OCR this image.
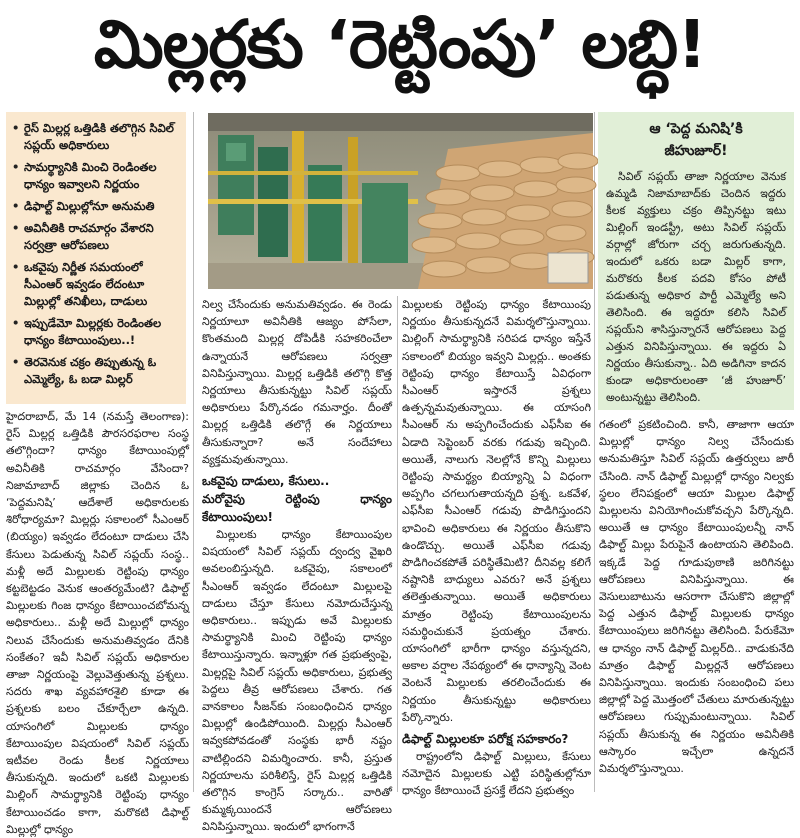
మిల్లర్లకు ‘రెట్టింపు’ లబ్ధి!
• రైస్ మిల్లర్ల ఒత్తిడికి తలొగ్గిన సివిల్ సప్లయ్ అధికారులు
• సామర్థ్యానికి మించి రెండింతల ధాన్యం ఇవ్వాలని నిర్ణయం
• డిఫాల్ట్ మిల్లుల్లోనూ అనుమతి
• అవినీతికి రాచమార్గం వేశారని సర్వత్రా ఆరోపణలు
• ఒకవైపు నిర్ణీత సమయంలో సీఎంఆర్ ఇవ్వడం లేదంటూ మిల్లుల్లో తనిఖీలు, దాడులు
• ఇప్పుడేమో మిల్లర్లకు రెండింతల ధాన్యం కేటాయింపులు..!
• తెరవెనుక చక్రం తిప్పుతున్న ఓ ఎమ్మెల్యే, ఓ బడా మిల్లర్

హైదరాబాద్, మే 14 (నమస్తే తెలంగాణ): రైస్ మిల్లర్ల ఒత్తిడికి పౌరసరఫరాల సంస్థ తలొగ్గిందా? ధాన్యం కేటాయింపుల్లో అవినీతికి రాచమార్గం వేసిందా? నిజామాబాద్ జిల్లాకు చెందిన ఓ ‘పెద్దమనిషి’ ఆదేశాలే అధికారులకు శిరోధార్యమా? మిల్లర్లు సకాలంలో సీఎంఆర్ (బియ్యం) ఇవ్వడం లేదంటూ దాడులు చేసి కేసులు పెడుతున్న సివిల్ సప్లయ్ సంస్థ.. మళ్లీ అదే మిల్లులకు రెట్టింపు ధాన్యం కట్టబెట్టడం వెనుక ఆంతర్యమేంటి? డిఫాల్ట్ మిల్లులకు గింజ ధాన్యం కేటాయించబోమన్న అధికారులు.. మళ్లీ అదే మిల్లుల్లో ధాన్యం నిలువ చేసేందుకు అనుమతివ్వడం దేనికి సంకేతం? ఇవీ సివిల్ సప్లయ్ అధికారుల తాజా నిర్ణయంపై వెల్లువెత్తుతున్న ప్రశ్నలు. సదరు శాఖ వ్యవహారశైలి కూడా ఈ ప్రశ్నలకు బలం చేకూర్చేలా ఉన్నది. యాసంగిలో మిల్లులకు ధాన్యం కేటాయింపుల విషయంలో సివిల్ సప్లయ్ ఇటీవల రెండు కీలక నిర్ణయాలు తీసుకున్నది. ఇందులో ఒకటి మిల్లులకు మిల్లింగ్ సామర్థ్యానికి రెట్టింపు ధాన్యం కేటాయించడం కాగా, మరొకటి డిఫాల్ట్ మిల్లుల్లో ధాన్యం

నిల్వ చేసేందుకు అనుమతివ్వడం. ఈ రెండు నిర్ణయాలూ అవినీతికి ఆజ్యం పోసేలా, కొంతమంది మిల్లర్ల దోపిడీకి సహకరించేలా ఉన్నాయనే ఆరోపణలు సర్వత్రా వినిపిస్తున్నాయి. మిల్లర్ల ఒత్తిడికి తలొగ్గి కొత్త నిర్ణయాలు తీసుకున్నట్టు సివిల్ సప్లయ్ అధికారులు పేర్కొనడం గమనార్హం. దీంతో మిల్లర్ల ఒత్తిడికి తలొగ్గే ఈ నిర్ణయాలు తీసుకున్నారా? అనే సందేహాలు వ్యక్తమవుతున్నాయి.

ఒకవైపు దాడులు, కేసులు..
మరోవైపు రెట్టింపు ధాన్యం కేటాయింపులు!

మిల్లులకు ధాన్యం కేటాయింపుల విషయంలో సివిల్ సప్లయ్ ద్వంద్వ వైఖరి అవలంబిస్తున్నది. ఒకవైపు, సకాలంలో సీఎంఆర్ ఇవ్వడం లేదంటూ మిల్లులపై దాడులు చేస్తూ కేసులు నమోదుచేస్తున్న అధికారులు.. ఇప్పుడు అవే మిల్లులకు సామర్థ్యానికి మించి రెట్టింపు ధాన్యం కేటాయిస్తున్నారు. ఇన్నాళ్లూ గత ప్రభుత్వంపై, మిల్లర్లపై సివిల్ సప్లయ్ అధికారులు, ప్రభుత్వ పెద్దలు తీవ్ర ఆరోపణలు చేశారు. గత వానకాలం సీజన్‌కు సంబంధించిన ధాన్యం మిల్లుల్లో ఉండిపోయింది. మిల్లర్లు సీఎంఆర్ ఇవ్వకపోవడంతో సంస్థకు భారీ నష్టం వాటిల్లిందని విమర్శించారు. కానీ, ప్రస్తుత నిర్ణయాలను పరిశీలిస్తే, రైస్ మిల్లర్ల ఒత్తిడికి తలొగ్గిన కాంగ్రెస్ సర్కారు.. వారితో కుమ్మక్కయిందనే ఆరోపణలు వినిపిస్తున్నాయి. ఇందులో భాగంగానే

మిల్లులకు రెట్టింపు ధాన్యం కేటాయింపు నిర్ణయం తీసుకున్నదనే విమర్శలొస్తున్నాయి. మిల్లింగ్ సామర్థ్యానికి సరిపడ ధాన్యం ఇస్తేనే సకాలంలో బియ్యం ఇవ్వని మిల్లర్లు.. అంతకు రెట్టింపు ధాన్యం కేటాయిస్తే ఏవిధంగా సీఎంఆర్ ఇస్తారనే ప్రశ్నలు ఉత్పన్నమవుతున్నాయి. ఈ యాసంగి సీఎంఆర్ ను అప్పగించేందుకు ఎఫ్‌సీఐ ఈ ఏడాది సెప్టెంబర్ వరకు గడువు ఇచ్చింది. అయితే, నాలుగు నెలల్లోనే కొన్ని మిల్లులు రెట్టింపు సామర్థ్యం బియ్యాన్ని ఏ విధంగా అప్పగిం చగలుగుతాయన్నది ప్రశ్న. ఒకవేళ, ఎఫ్‌సీఐ సీఎంఆర్ గడువు పొడిగిస్తుందని భావించి అధికారులు ఈ నిర్ణయం తీసుకొని ఉండొచ్చు. అయితే ఎఫ్‌సీఐ గడువు పొడిగించకపోతే పరిస్థితేమిటి? దీనివల్ల కలిగే నష్టానికి బాధ్యులు ఎవరు? అనే ప్రశ్నలు తలెత్తుతున్నాయి. అయితే అధికారులు మాత్రం రెట్టింపు కేటాయింపులను సమర్థించుకునే ప్రయత్నం చేశారు. యాసంగిలో భారీగా ధాన్యం వస్తున్నదని, అకాల వర్షాల నేపథ్యంలో ఈ ధాన్యాన్ని వెంట వెంటనే మిల్లులకు తరలించేందుకు ఈ నిర్ణయం తీసుకున్నట్టు అధికారులు పేర్కొన్నారు.

డిఫాల్ట్ మిల్లులకూ పరోక్ష సహకారం?

రాష్ట్రంలోని డిఫాల్ట్ మిల్లులు, కేసులు నమోదైన మిల్లులకు ఎట్టి పరిస్థితుల్లోనూ ధాన్యం కేటాయించే ప్రసక్తే లేదని ప్రభుత్వం

ఆ ‘పెద్ద మనిషి’కి
జీహుజూర్!
సివిల్ సప్లయ్ తాజా నిర్ణయాల వెనుక ఉమ్మడి నిజామాబాద్‌కు చెందిన ఇద్దరు కీలక వ్యక్తులు చక్రం తిప్పినట్టు ఇటు మిల్లింగ్ ఇండస్ట్రీ, అటు సివిల్ సప్లయ్ వర్గాల్లో జోరుగా చర్చ జరుగుతున్నది. ఇందులో ఒకరు బడా మిల్లర్ కాగా, మరొకరు కీలక పదవి కోసం పోటీ పడుతున్న అధికార పార్టీ ఎమ్మెల్యే అని తెలిసింది. ఈ ఇద్దరూ కలిసి సివిల్ సప్లయ్‌ని శాసిస్తున్నారనే ఆరోపణలు పెద్ద ఎత్తున వినిపిస్తున్నాయి. ఈ ఇద్దరు ఏ నిర్ణయం తీసుకున్నా.. ఏది అడిగినా కాదన కుండా అధికారులంతా ‘జీ హుజూర్’ అంటున్నట్టు తెలిసింది.

గతంలో ప్రకటించింది. కానీ, తాజాగా ఆయా మిల్లుల్లో ధాన్యం నిల్వ చేసేందుకు అనుమతిస్తూ సివిల్ సప్లయ్ ఉత్తర్వులు జారీ చేసింది. నాన్ డిఫాల్ట్ మిల్లుల్లో ధాన్యం నిల్వకు స్థలం లేనిపక్షంలో ఆయా మిల్లుల డిఫాల్ట్ మిల్లులను వినియోగించుకోవచ్చని పేర్కొన్నది. అయితే ఆ ధాన్యం కేటాయింపులన్నీ నాన్ డిఫాల్ట్ మిల్లు పేరుపైనే ఉంటాయని తెలిపింది. ఇక్కడే పెద్ద గూడుపుఠాణి జరిగినట్టు ఆరోపణలు వినిపిస్తున్నాయి. ఈ వెసులుబాటును ఆసరాగా చేసుకొని జిల్లాల్లో పెద్ద ఎత్తున డిఫాల్ట్ మిల్లులకు ధాన్యం కేటాయింపులు జరిగినట్టు తెలిసింది. పేరుకేమో ఆ ధాన్యం నాన్ డిఫాల్ట్ మిల్లర్‌ది.. వాడుకునేది మాత్రం డిఫాల్ట్ మిల్లర్లనే ఆరోపణలు వినిపిస్తున్నాయి. ఇందుకు సంబంధించి పలు జిల్లాల్లో పెద్ద మొత్తంలో చేతులు మారుతున్నట్టు ఆరోపణలు గుప్పుమంటున్నాయి. సివిల్ సప్లయ్ తీసుకున్న ఈ నిర్ణయం అవినీతికి ఆస్కారం ఇచ్చేలా ఉన్నదనే విమర్శలొస్తున్నాయి.
